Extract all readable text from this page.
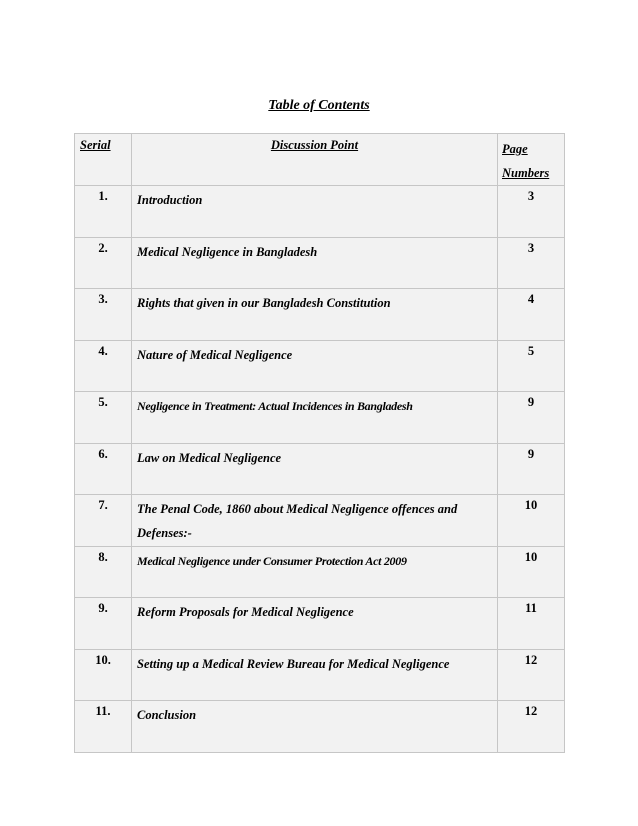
Table of Contents
Serial	Discussion Point	Page
Numbers
1.	Introduction	3
2.	Medical Negligence in Bangladesh	3
3.	Rights that given in our Bangladesh Constitution	4
4.	Nature of Medical Negligence	5
5.	Negligence in Treatment: Actual Incidences in Bangladesh	9
6.	Law on Medical Negligence	9
7.	The Penal Code, 1860 about Medical Negligence offences and Defenses:-	10
8.	Medical Negligence under Consumer Protection Act 2009	10
9.	Reform Proposals for Medical Negligence	11
10.	Setting up a Medical Review Bureau for Medical Negligence	12
11.	Conclusion	12
